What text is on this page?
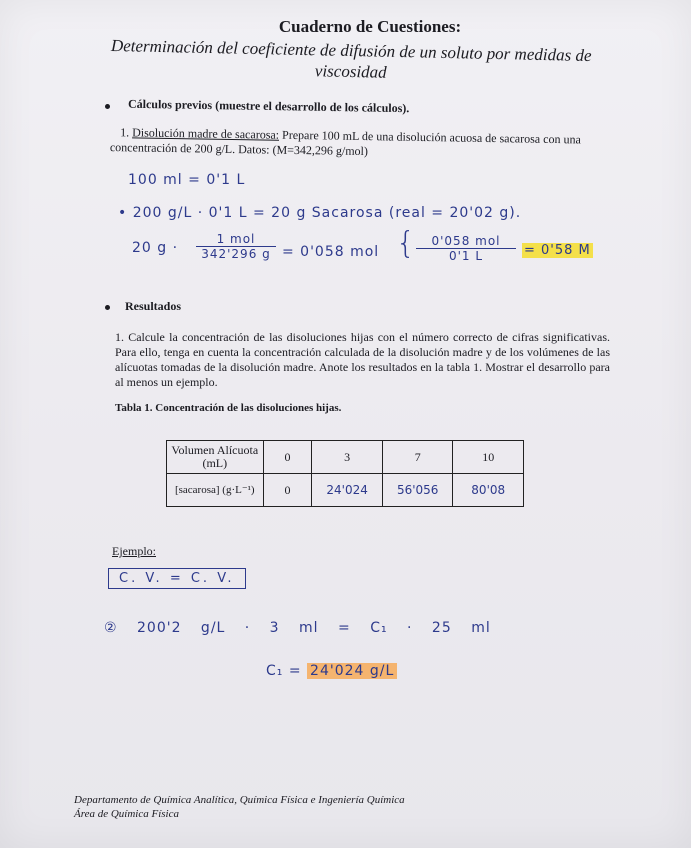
Cuaderno de Cuestiones:
Determinación del coeficiente de difusión de un soluto por medidas de viscosidad
Cálculos previos (muestre el desarrollo de los cálculos).
1. Disolución madre de sacarosa: Prepare 100 mL de una disolución acuosa de sacarosa con una concentración de 200 g/L. Datos: (M=342,296 g/mol)
100 ml = 0'1 L
• 200 g/L · 0'1 L = 20 g Sacarosa (real = 20'02 g).
20 g ·
1 mol
342'296 g = 0'058 mol {	0'058 mol
0'1 L	= 0'58 M
Resultados
1. Calcule la concentración de las disoluciones hijas con el número correcto de cifras significativas. Para ello, tenga en cuenta la concentración calculada de la disolución madre y de los volúmenes de las alícuotas tomadas de la disolución madre. Anote los resultados en la tabla 1. Mostrar el desarrollo para al menos un ejemplo.
Tabla 1. Concentración de las disoluciones hijas.
Volumen Alícuota (mL)	0	3	7	10
[sacarosa] (g·L⁻¹)	0	24'024	56'056	80'08
Ejemplo:
C. V. = C. V.
② 200'2 g/L · 3 ml = C₁ · 25 ml
C₁ = 24'024 g/L
Departamento de Química Analítica, Química Física e Ingeniería Química
Área de Química Física
